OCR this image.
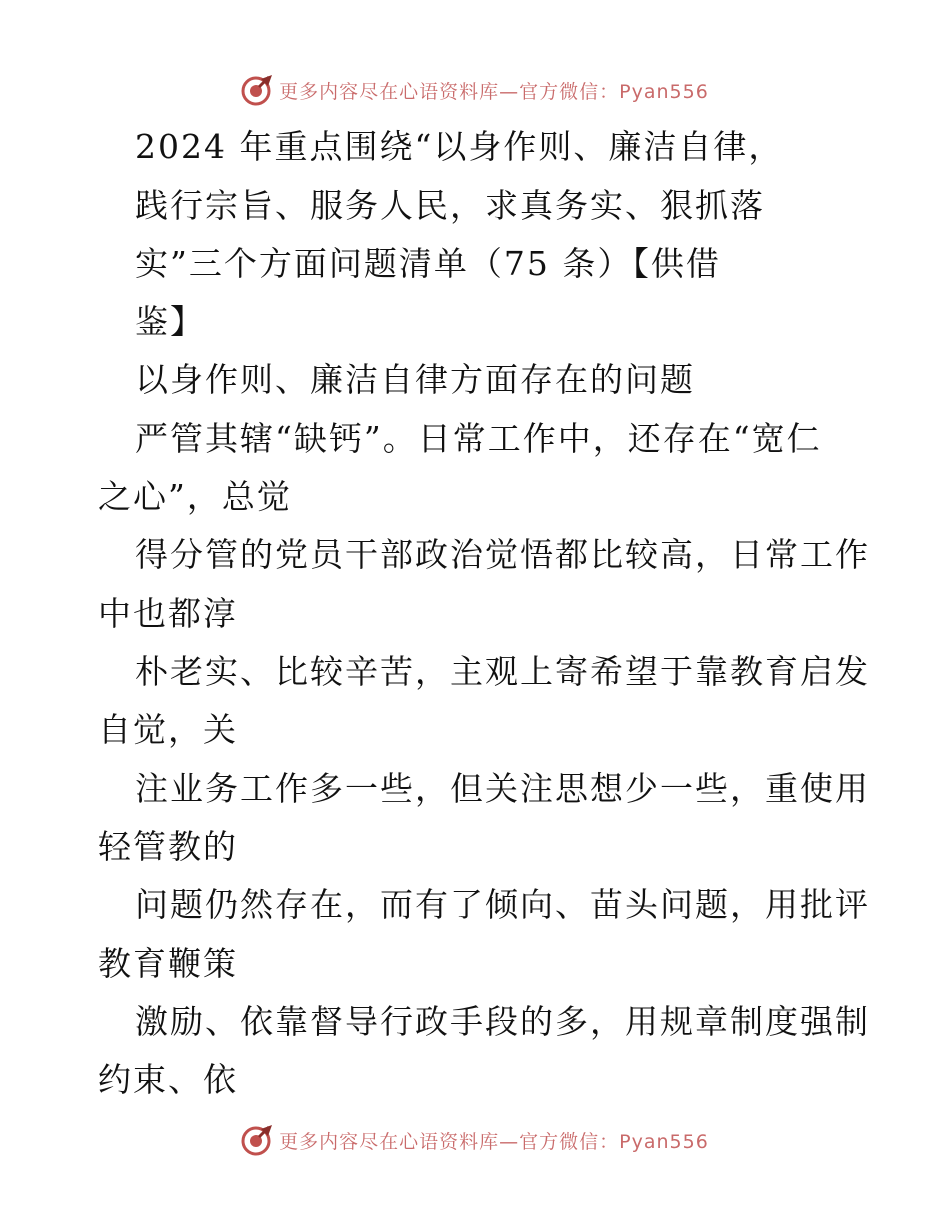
更多内容尽在心语资料库—官方微信：Pyan556
2024 年重点围绕“以身作则、廉洁自律，
践行宗旨、服务人民，求真务实、狠抓落
实”三个方面问题清单（75 条）【供借
鉴】
以身作则、廉洁自律方面存在的问题
严管其辖“缺钙”。日常工作中，还存在“宽仁
之心”，总觉
得分管的党员干部政治觉悟都比较高，日常工作
中也都淳
朴老实、比较辛苦，主观上寄希望于靠教育启发
自觉，关
注业务工作多一些，但关注思想少一些，重使用
轻管教的
问题仍然存在，而有了倾向、苗头问题，用批评
教育鞭策
激励、依靠督导行政手段的多，用规章制度强制
约束、依
更多内容尽在心语资料库—官方微信：Pyan556
